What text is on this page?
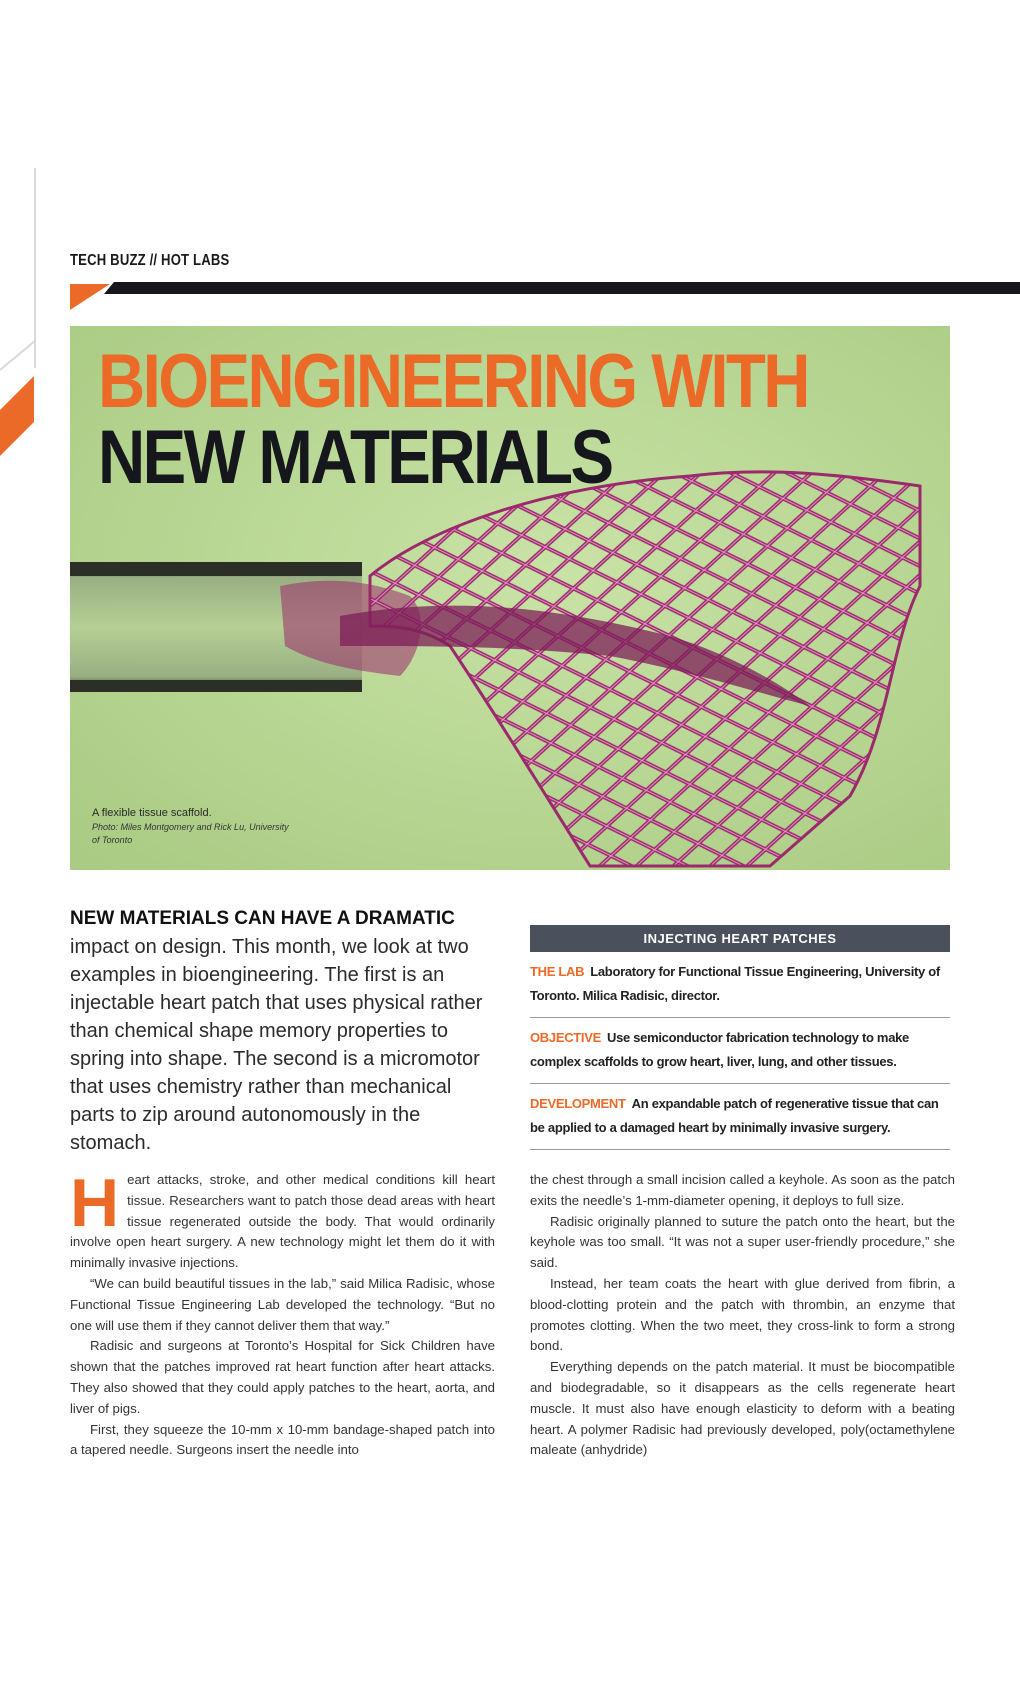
TECH BUZZ // HOT LABS
BIOENGINEERING WITH
NEW MATERIALS
A flexible tissue scaffold.
Photo: Miles Montgomery and Rick Lu, University of Toronto
NEW MATERIALS CAN HAVE A DRAMATIC impact on design. This month, we look at two examples in bioengineering. The first is an injectable heart patch that uses physical rather than chemical shape memory properties to spring into shape. The second is a micromotor that uses chemistry rather than mechanical parts to zip around autonomously in the stomach.
INJECTING HEART PATCHES
THE LAB Laboratory for Functional Tissue Engineering, University of Toronto. Milica Radisic, director.
OBJECTIVE Use semiconductor fabrication technology to make complex scaffolds to grow heart, liver, lung, and other tissues.
DEVELOPMENT An expandable patch of regenerative tissue that can be applied to a damaged heart by minimally invasive surgery.

Heart attacks, stroke, and other medical conditions kill heart tissue. Researchers want to patch those dead areas with heart tissue regenerated outside the body. That would ordinarily involve open heart surgery. A new technology might let them do it with minimally invasive injections.

“We can build beautiful tissues in the lab,” said Milica Radisic, whose Functional Tissue Engineering Lab developed the technology. “But no one will use them if they cannot deliver them that way.”

Radisic and surgeons at Toronto’s Hospital for Sick Children have shown that the patches improved rat heart function after heart attacks. They also showed that they could apply patches to the heart, aorta, and liver of pigs.

First, they squeeze the 10-mm x 10-mm bandage-shaped patch into a tapered needle. Surgeons insert the needle into

the chest through a small incision called a keyhole. As soon as the patch exits the needle’s 1-mm-diameter opening, it deploys to full size.

Radisic originally planned to suture the patch onto the heart, but the keyhole was too small. “It was not a super user-friendly procedure,” she said.

Instead, her team coats the heart with glue derived from fibrin, a blood-clotting protein and the patch with thrombin, an enzyme that promotes clotting. When the two meet, they cross-link to form a strong bond.

Everything depends on the patch material. It must be biocompatible and biodegradable, so it disappears as the cells regenerate heart muscle. It must also have enough elasticity to deform with a beating heart. A polymer Radisic had previously developed, poly(octamethylene maleate (anhydride)
